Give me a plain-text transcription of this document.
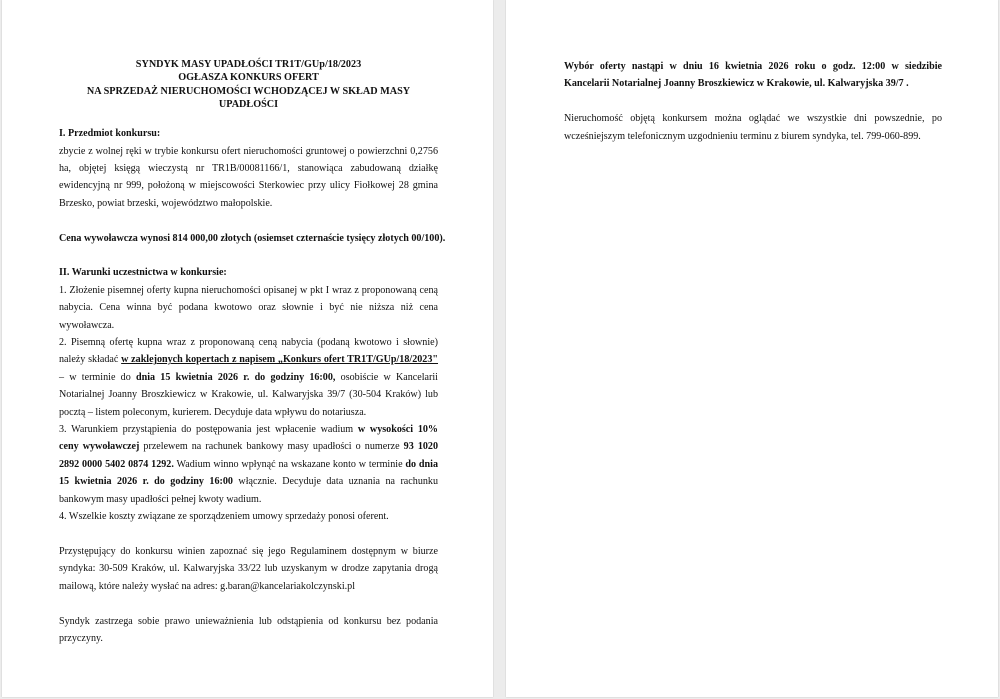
SYNDYK MASY UPADŁOŚCI TR1T/GUp/18/2023
OGŁASZA KONKURS OFERT
NA SPRZEDAŻ NIERUCHOMOŚCI WCHODZĄCEJ W SKŁAD MASY
UPADŁOŚCI
I. Przedmiot konkursu:

zbycie z wolnej ręki w trybie konkursu ofert nieruchomości gruntowej o powierzchni 0,2756 ha, objętej księgą wieczystą nr TR1B/00081166/1, stanowiąca zabudowaną działkę ewidencyjną nr 999, położoną w miejscowości Sterkowiec przy ulicy Fiołkowej 28 gmina Brzesko, powiat brzeski, województwo małopolskie.

Cena wywoławcza wynosi 814 000,00 złotych (osiemset czternaście tysięcy złotych 00/100).

II. Warunki uczestnictwa w konkursie:

1. Złożenie pisemnej oferty kupna nieruchomości opisanej w pkt I wraz z proponowaną ceną nabycia. Cena winna być podana kwotowo oraz słownie i być nie niższa niż cena wywoławcza.

2. Pisemną ofertę kupna wraz z proponowaną ceną nabycia (podaną kwotowo i słownie) należy składać w zaklejonych kopertach z napisem „Konkurs ofert TR1T/GUp/18/2023" – w terminie do dnia 15 kwietnia 2026 r. do godziny 16:00, osobiście w Kancelarii Notarialnej Joanny Broszkiewicz w Krakowie, ul. Kalwaryjska 39/7 (30-504 Kraków) lub pocztą – listem poleconym, kurierem. Decyduje data wpływu do notariusza.

3. Warunkiem przystąpienia do postępowania jest wpłacenie wadium w wysokości 10% ceny wywoławczej przelewem na rachunek bankowy masy upadłości o numerze 93 1020 2892 0000 5402 0874 1292. Wadium winno wpłynąć na wskazane konto w terminie do dnia 15 kwietnia 2026 r. do godziny 16:00 włącznie. Decyduje data uznania na rachunku bankowym masy upadłości pełnej kwoty wadium.

4. Wszelkie koszty związane ze sporządzeniem umowy sprzedaży ponosi oferent.

Przystępujący do konkursu winien zapoznać się jego Regulaminem dostępnym w biurze syndyka: 30-509 Kraków, ul. Kalwaryjska 33/22 lub uzyskanym w drodze zapytania drogą mailową, które należy wysłać na adres: g.baran@kancelariakolczynski.pl

Syndyk zastrzega sobie prawo unieważnienia lub odstąpienia od konkursu bez podania przyczyny.

Wybór oferty nastąpi w dniu 16 kwietnia 2026 roku o godz. 12:00 w siedzibie Kancelarii Notarialnej Joanny Broszkiewicz w Krakowie, ul. Kalwaryjska 39/7 .

Nieruchomość objętą konkursem można oglądać we wszystkie dni powszednie, po wcześniejszym telefonicznym uzgodnieniu terminu z biurem syndyka, tel. 799-060-899.
